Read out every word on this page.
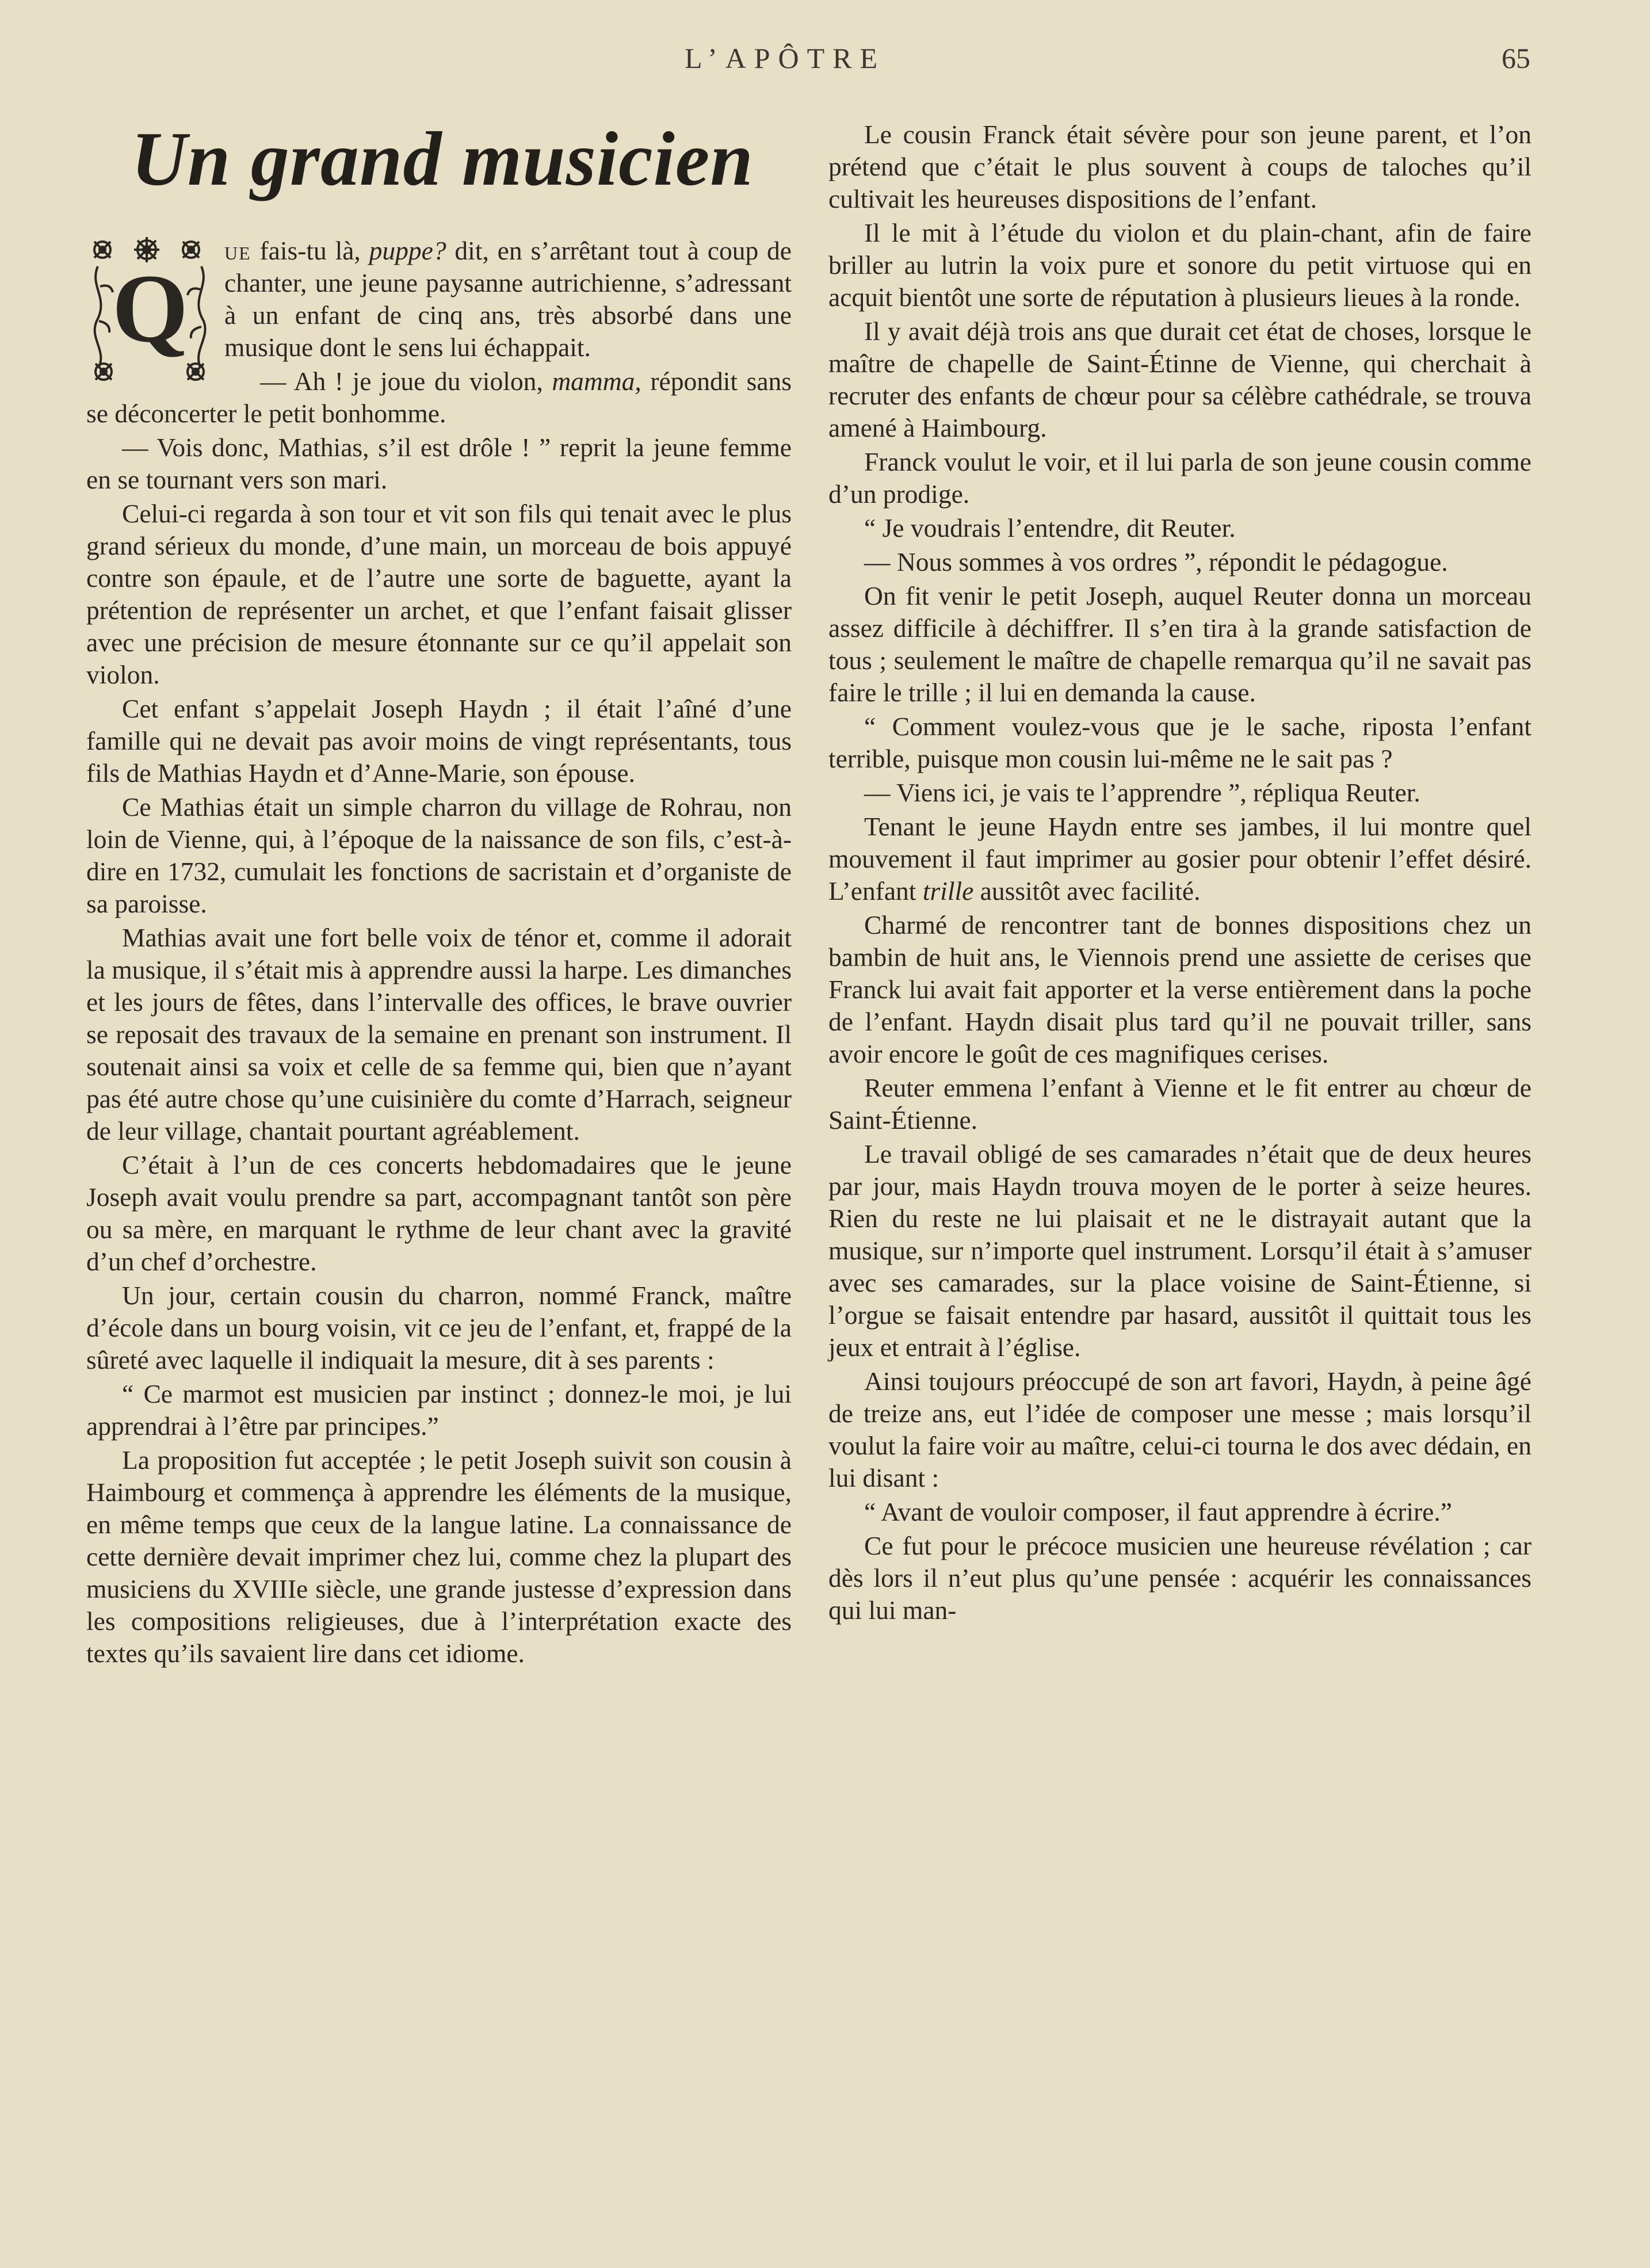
L’APÔTRE	65
Un grand musicien
Q

ue fais-tu là, puppe? dit, en s’arrêtant tout à coup de chanter, une jeune paysanne autrichienne, s’adressant à un enfant de cinq ans, très absorbé dans une musique dont le sens lui échappait.

— Ah ! je joue du violon, mamma, répondit sans se déconcerter le petit bonhomme.

— Vois donc, Mathias, s’il est drôle ! ” reprit la jeune femme en se tournant vers son mari.

Celui-ci regarda à son tour et vit son fils qui tenait avec le plus grand sérieux du monde, d’une main, un morceau de bois appuyé contre son épaule, et de l’autre une sorte de baguette, ayant la prétention de représenter un archet, et que l’enfant faisait glisser avec une précision de mesure étonnante sur ce qu’il appelait son violon.

Cet enfant s’appelait Joseph Haydn ; il était l’aîné d’une famille qui ne devait pas avoir moins de vingt représentants, tous fils de Mathias Haydn et d’Anne-Marie, son épouse.

Ce Mathias était un simple charron du village de Rohrau, non loin de Vienne, qui, à l’époque de la naissance de son fils, c’est-à-dire en 1732, cumulait les fonctions de sacristain et d’organiste de sa paroisse.

Mathias avait une fort belle voix de ténor et, comme il adorait la musique, il s’était mis à apprendre aussi la harpe. Les dimanches et les jours de fêtes, dans l’intervalle des offices, le brave ouvrier se reposait des travaux de la semaine en prenant son instrument. Il soutenait ainsi sa voix et celle de sa femme qui, bien que n’ayant pas été autre chose qu’une cuisinière du comte d’Harrach, seigneur de leur village, chantait pourtant agréablement.

C’était à l’un de ces concerts hebdomadaires que le jeune Joseph avait voulu prendre sa part, accompagnant tantôt son père ou sa mère, en marquant le rythme de leur chant avec la gravité d’un chef d’orchestre.

Un jour, certain cousin du charron, nommé Franck, maître d’école dans un bourg voisin, vit ce jeu de l’enfant, et, frappé de la sûreté avec laquelle il indiquait la mesure, dit à ses parents :

“ Ce marmot est musicien par instinct ; donnez-le moi, je lui apprendrai à l’être par principes.”

La proposition fut acceptée ; le petit Joseph suivit son cousin à Haimbourg et commença à apprendre les éléments de la musique, en même temps que ceux de la langue latine. La connaissance de cette dernière devait imprimer chez lui, comme chez la plupart des musiciens du XVIIIe siècle, une grande justesse d’expression dans les compositions religieuses, due à l’interprétation exacte des textes qu’ils savaient lire dans cet idiome.

Le cousin Franck était sévère pour son jeune parent, et l’on prétend que c’était le plus souvent à coups de taloches qu’il cultivait les heureuses dispositions de l’enfant.

Il le mit à l’étude du violon et du plain-chant, afin de faire briller au lutrin la voix pure et sonore du petit virtuose qui en acquit bientôt une sorte de réputation à plusieurs lieues à la ronde.

Il y avait déjà trois ans que durait cet état de choses, lorsque le maître de chapelle de Saint-Étinne de Vienne, qui cherchait à recruter des enfants de chœur pour sa célèbre cathédrale, se trouva amené à Haimbourg.

Franck voulut le voir, et il lui parla de son jeune cousin comme d’un prodige.

“ Je voudrais l’entendre, dit Reuter.

— Nous sommes à vos ordres ”, répondit le pédagogue.

On fit venir le petit Joseph, auquel Reuter donna un morceau assez difficile à déchiffrer. Il s’en tira à la grande satisfaction de tous ; seulement le maître de chapelle remarqua qu’il ne savait pas faire le trille ; il lui en demanda la cause.

“ Comment voulez-vous que je le sache, riposta l’enfant terrible, puisque mon cousin lui-même ne le sait pas ?

— Viens ici, je vais te l’apprendre ”, répliqua Reuter.

Tenant le jeune Haydn entre ses jambes, il lui montre quel mouvement il faut imprimer au gosier pour obtenir l’effet désiré. L’enfant trille aussitôt avec facilité.

Charmé de rencontrer tant de bonnes dispositions chez un bambin de huit ans, le Viennois prend une assiette de cerises que Franck lui avait fait apporter et la verse entièrement dans la poche de l’enfant. Haydn disait plus tard qu’il ne pouvait triller, sans avoir encore le goût de ces magnifiques cerises.

Reuter emmena l’enfant à Vienne et le fit entrer au chœur de Saint-Étienne.

Le travail obligé de ses camarades n’était que de deux heures par jour, mais Haydn trouva moyen de le porter à seize heures. Rien du reste ne lui plaisait et ne le distrayait autant que la musique, sur n’importe quel instrument. Lorsqu’il était à s’amuser avec ses camarades, sur la place voisine de Saint-Étienne, si l’orgue se faisait entendre par hasard, aussitôt il quittait tous les jeux et entrait à l’église.

Ainsi toujours préoccupé de son art favori, Haydn, à peine âgé de treize ans, eut l’idée de composer une messe ; mais lorsqu’il voulut la faire voir au maître, celui-ci tourna le dos avec dédain, en lui disant :

“ Avant de vouloir composer, il faut apprendre à écrire.”

Ce fut pour le précoce musicien une heureuse révélation ; car dès lors il n’eut plus qu’une pensée : acquérir les connaissances qui lui man-
